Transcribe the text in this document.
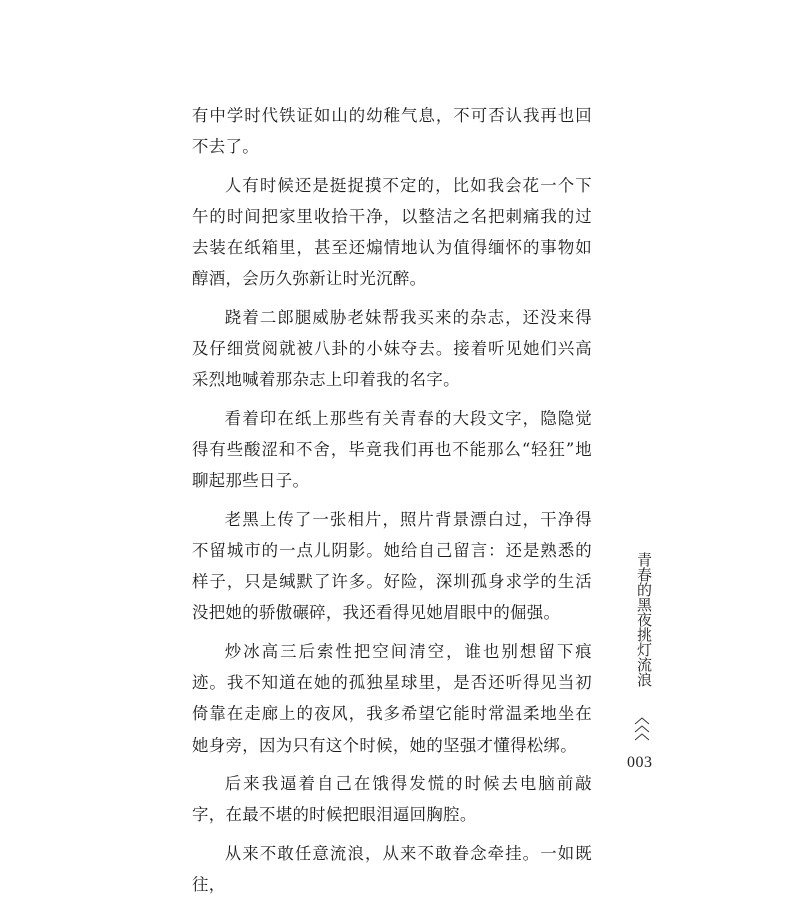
有中学时代铁证如山的幼稚气息，不可否认我再也回不去了。

人有时候还是挺捉摸不定的，比如我会花一个下午的时间把家里收拾干净，以整洁之名把刺痛我的过去装在纸箱里，甚至还煽情地认为值得缅怀的事物如醇酒，会历久弥新让时光沉醉。

跷着二郎腿威胁老妹帮我买来的杂志，还没来得及仔细赏阅就被八卦的小妹夺去。接着听见她们兴高采烈地喊着那杂志上印着我的名字。

看着印在纸上那些有关青春的大段文字，隐隐觉得有些酸涩和不舍，毕竟我们再也不能那么“轻狂”地聊起那些日子。

老黑上传了一张相片，照片背景漂白过，干净得不留城市的一点儿阴影。她给自己留言：还是熟悉的样子，只是缄默了许多。好险，深圳孤身求学的生活没把她的骄傲碾碎，我还看得见她眉眼中的倔强。

炒冰高三后索性把空间清空，谁也别想留下痕迹。我不知道在她的孤独星球里，是否还听得见当初倚靠在走廊上的夜风，我多希望它能时常温柔地坐在她身旁，因为只有这个时候，她的坚强才懂得松绑。

后来我逼着自己在饿得发慌的时候去电脑前敲字，在最不堪的时候把眼泪逼回胸腔。

从来不敢任意流浪，从来不敢眷念牵挂。一如既往，

青春的黑夜挑灯流浪
003
